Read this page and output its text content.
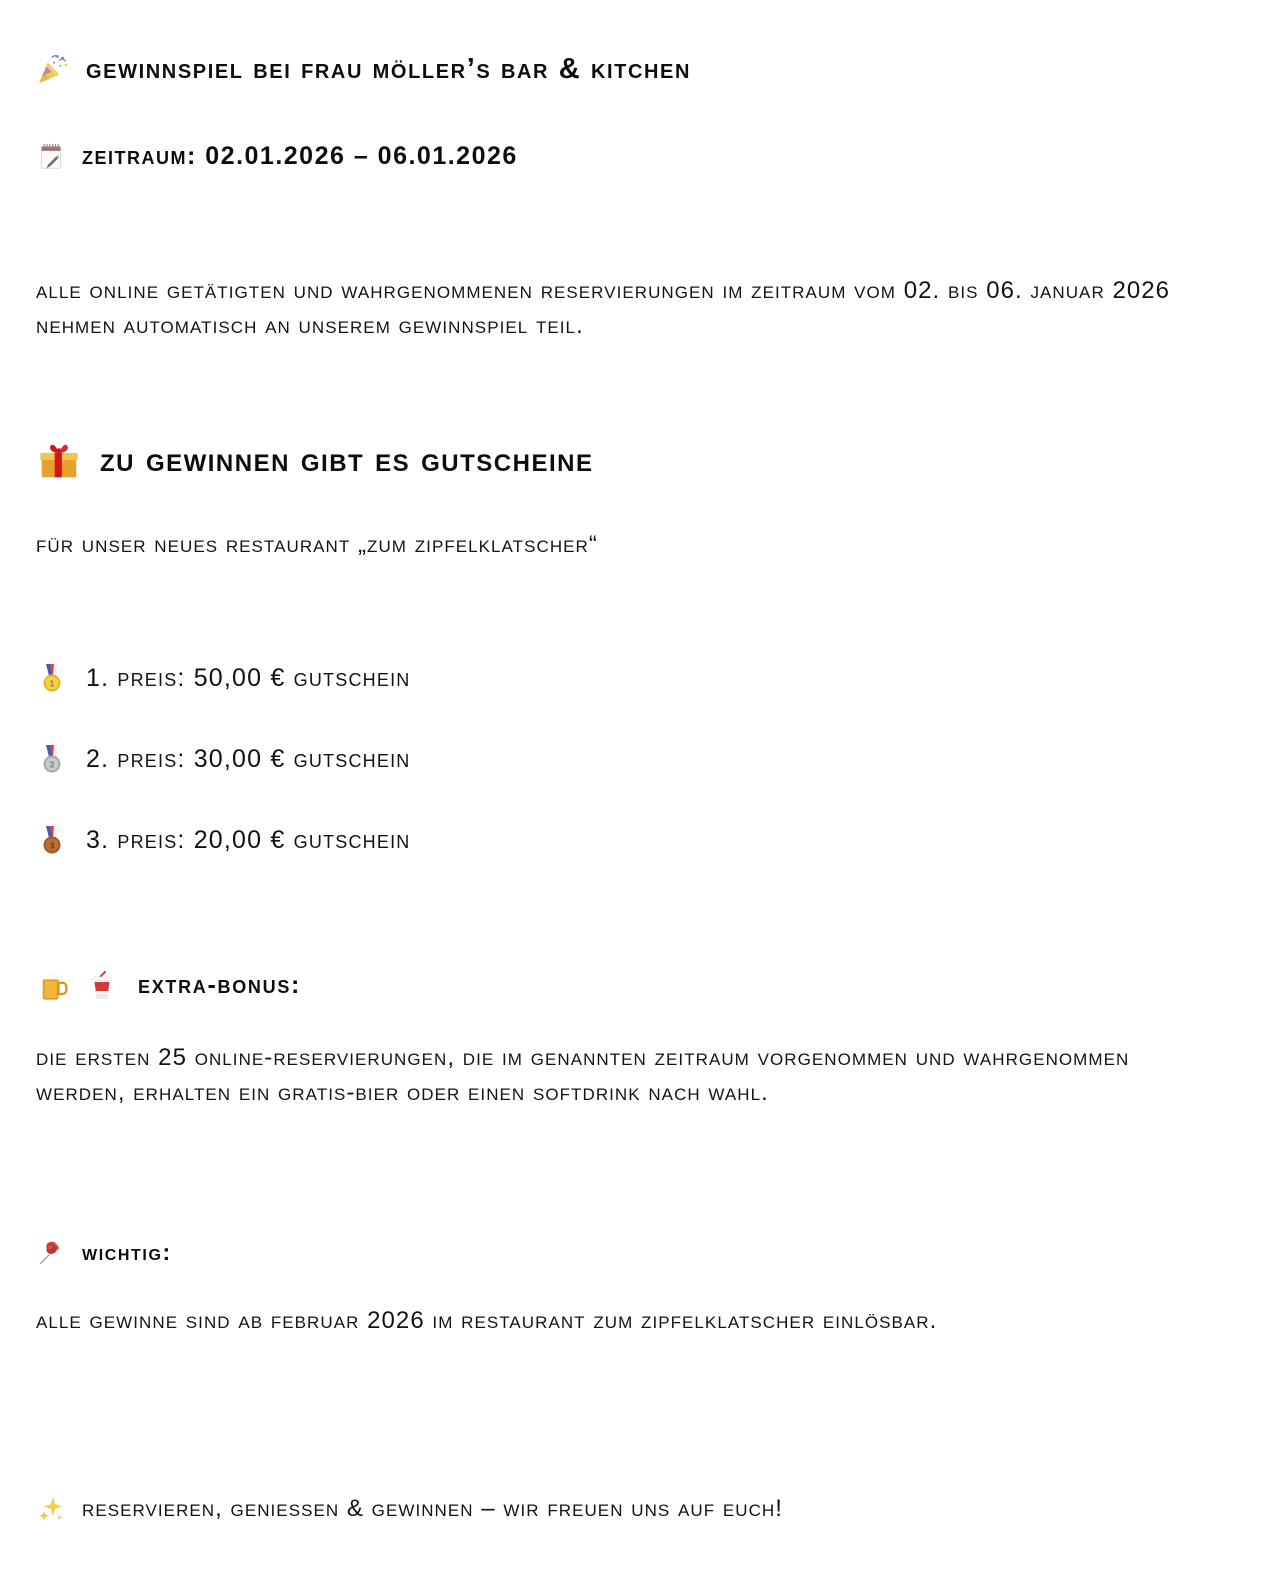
gewinnspiel bei frau möller’s bar & kitchen
zeitraum: 02.01.2026 – 06.01.2026

alle online getätigten und wahrgenommenen reservierungen im zeitraum vom 02. bis 06. januar 2026 nehmen automatisch an unserem gewinnspiel teil.

zu gewinnen gibt es gutscheine

für unser neues restaurant „zum zipfelklatscher“

1 1. preis: 50,00 € gutschein
2 2. preis: 30,00 € gutschein
3 3. preis: 20,00 € gutschein
extra-bonus:

die ersten 25 online-reservierungen, die im genannten zeitraum vorgenommen und wahrgenommen werden, erhalten ein gratis-bier oder einen softdrink nach wahl.

wichtig:

alle gewinne sind ab februar 2026 im restaurant zum zipfelklatscher einlösbar.

reservieren, geniessen & gewinnen – wir freuen uns auf euch!
